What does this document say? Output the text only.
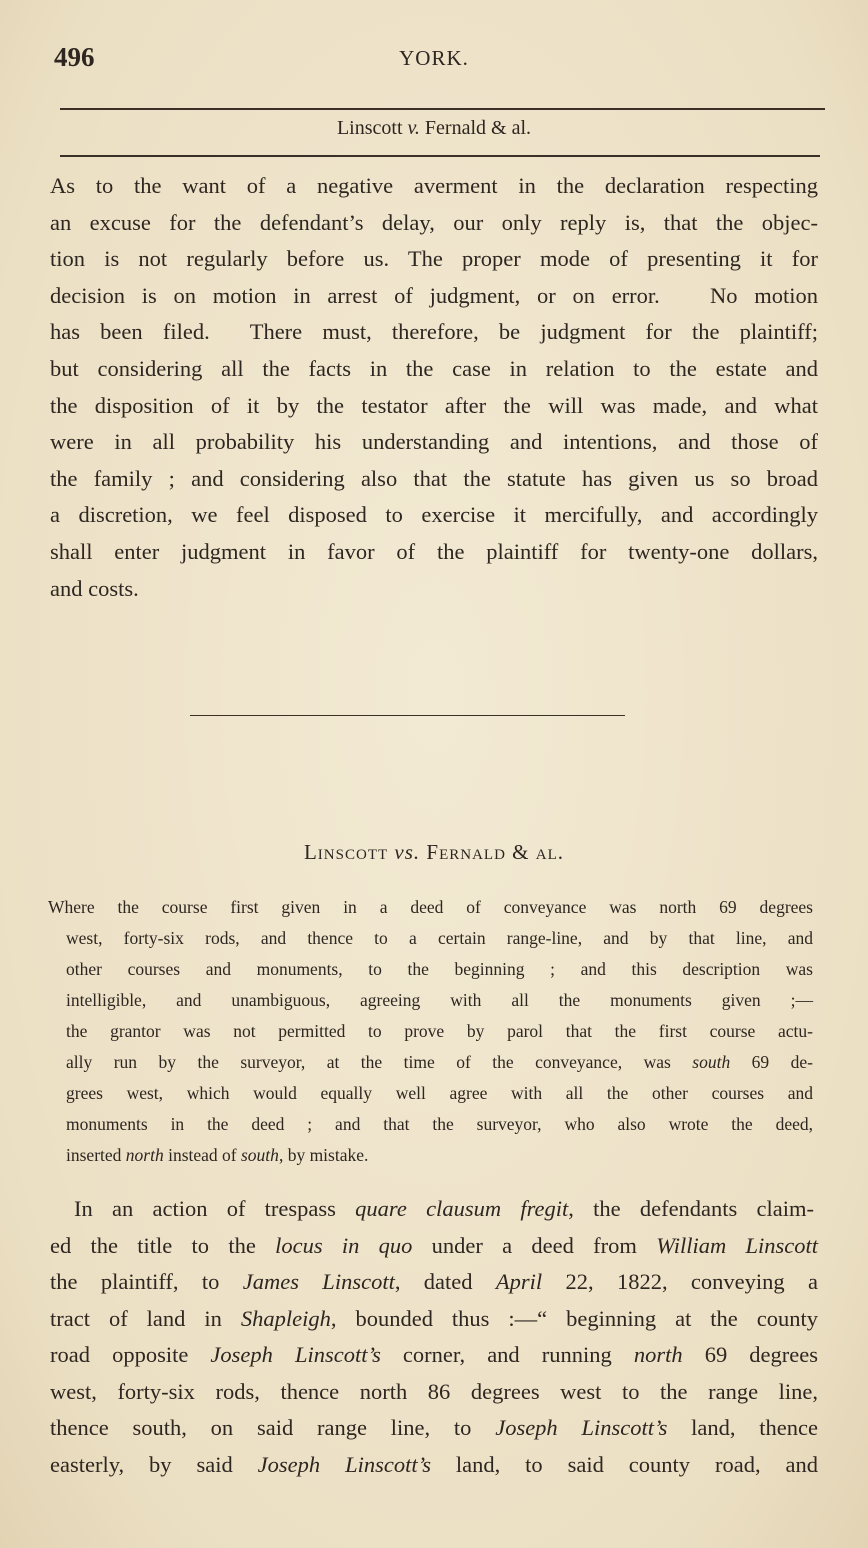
496	YORK.
Linscott v. Fernald & al.
As to the want of a negative averment in the declaration respecting
an excuse for the defendant’s delay, our only reply is, that the objec-
tion is not regularly before us. The proper mode of presenting it for
decision is on motion in arrest of judgment, or on error.   No motion
has been filed.  There must, therefore, be judgment for the plaintiff;
but considering all the facts in the case in relation to the estate and
the disposition of it by the testator after the will was made, and what
were in all probability his understanding and intentions, and those of
the family ; and considering also that the statute has given us so broad
a discretion, we feel disposed to exercise it mercifully, and accordingly
shall enter judgment in favor of the plaintiff for twenty-one dollars,
and costs.
Linscott vs. Fernald & al.
Where the course first given in a deed of conveyance was north 69 degrees
west, forty-six rods, and thence to a certain range-line, and by that line, and
other courses and monuments, to the beginning ; and this description was
intelligible, and unambiguous, agreeing with all the monuments given ;—
the grantor was not permitted to prove by parol that the first course actu-
ally run by the surveyor, at the time of the conveyance, was south 69 de-
grees west, which would equally well agree with all the other courses and
monuments in the deed ; and that the surveyor, who also wrote the deed,
inserted north instead of south, by mistake.
In an action of trespass quare clausum fregit, the defendants claim-
ed the title to the locus in quo under a deed from William Linscott
the plaintiff, to James Linscott, dated April 22, 1822, conveying a
tract of land in Shapleigh, bounded thus :—“ beginning at the county
road opposite Joseph Linscott’s corner, and running north 69 degrees
west, forty-six rods, thence north 86 degrees west to the range line,
thence south, on said range line, to Joseph Linscott’s land, thence
easterly, by said Joseph Linscott’s land, to said county road, and
